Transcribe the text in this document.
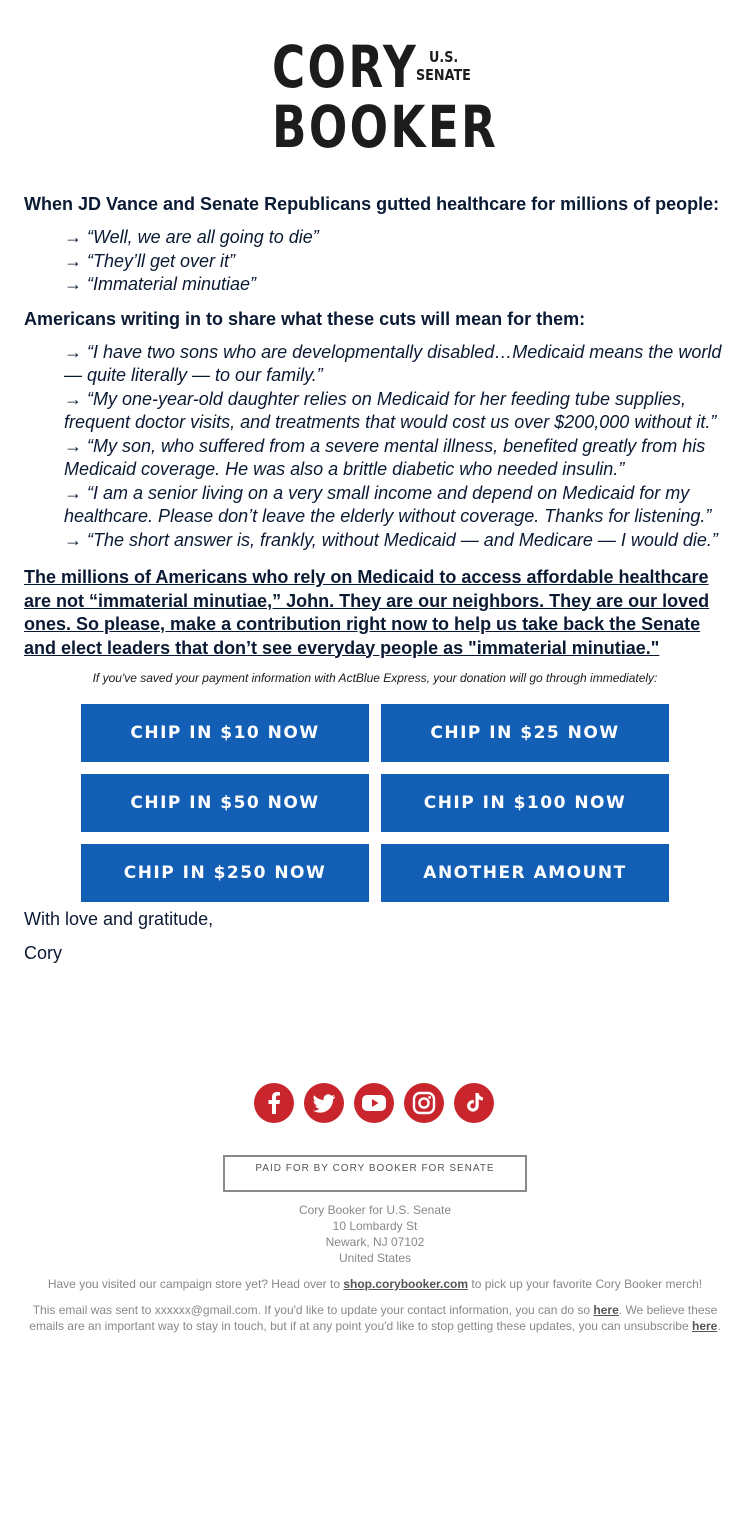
CORY U.S.
SENATE
BOOKER

When JD Vance and Senate Republicans gutted healthcare for millions of people:

→ “Well, we are all going to die”
→ “They’ll get over it”
→ “Immaterial minutiae”

Americans writing in to share what these cuts will mean for them:

→ “I have two sons who are developmentally disabled…Medicaid means the world — quite literally — to our family.”
→ “My one-year-old daughter relies on Medicaid for her feeding tube supplies, frequent doctor visits, and treatments that would cost us over $200,000 without it.”
→ “My son, who suffered from a severe mental illness, benefited greatly from his Medicaid coverage. He was also a brittle diabetic who needed insulin.”
→ “I am a senior living on a very small income and depend on Medicaid for my healthcare. Please don’t leave the elderly without coverage. Thanks for listening.”
→ “The short answer is, frankly, without Medicaid — and Medicare — I would die.”
The millions of Americans who rely on Medicaid to access affordable healthcare are not “immaterial minutiae,” John. They are our neighbors. They are our loved ones. So please, make a contribution right now to help us take back the Senate and elect leaders that don’t see everyday people as "immaterial minutiae."
If you've saved your payment information with ActBlue Express, your donation will go through immediately:
CHIP IN $10 NOW	CHIP IN $25 NOW
CHIP IN $50 NOW	CHIP IN $100 NOW
CHIP IN $250 NOW	ANOTHER AMOUNT
With love and gratitude,
Cory
PAID FOR BY CORY BOOKER FOR SENATE
Cory Booker for U.S. Senate
10 Lombardy St
Newark, NJ 07102
United States
Have you visited our campaign store yet? Head over to shop.corybooker.com to pick up your favorite Cory Booker merch!
This email was sent to xxxxxx@gmail.com. If you'd like to update your contact information, you can do so here. We believe these emails are an important way to stay in touch, but if at any point you'd like to stop getting these updates, you can unsubscribe here.
